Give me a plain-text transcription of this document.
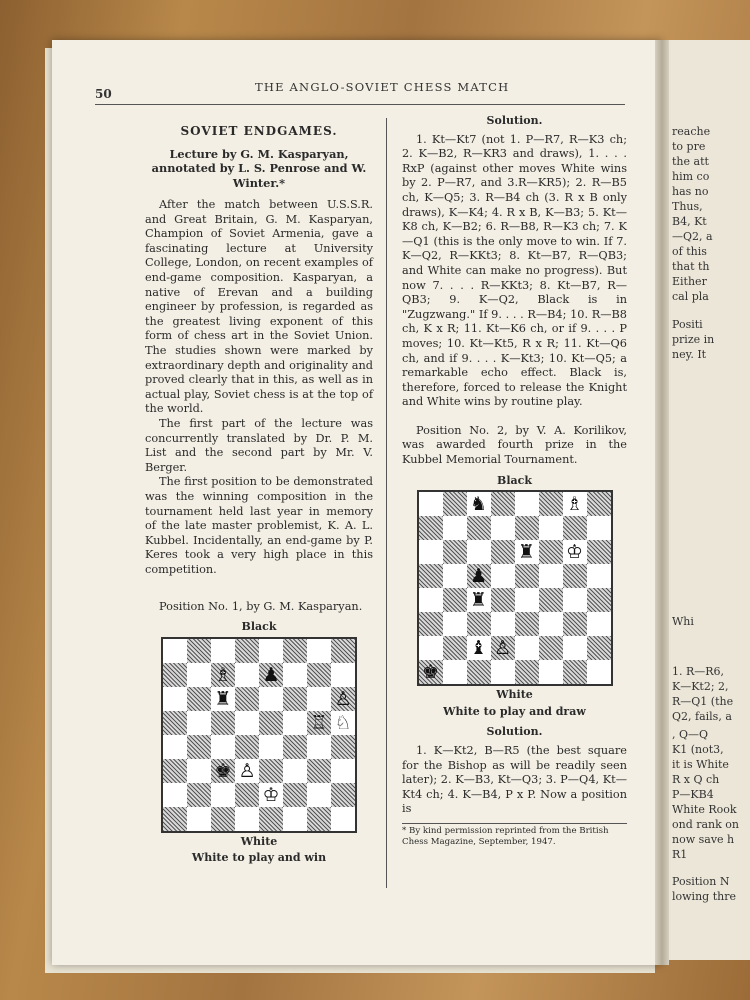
50	THE ANGLO-SOVIET CHESS MATCH
SOVIET ENDGAMES.
Lecture by G. M. Kasparyan, annotated by L. S. Penrose and W. Winter.*

After the match between U.S.S.R. and Great Britain, G. M. Kasparyan, Champion of Soviet Armenia, gave a fascinating lecture at University College, London, on recent examples of end-game composition. Kasparyan, a native of Erevan and a building engineer by profession, is regarded as the greatest living exponent of this form of chess art in the Soviet Union. The studies shown were marked by extraordinary depth and originality and proved clearly that in this, as well as in actual play, Soviet chess is at the top of the world.

The first part of the lecture was concurrently translated by Dr. P. M. List and the second part by Mr. V. Berger.

The first position to be demonstrated was the winning composition in the tournament held last year in memory of the late master problemist, K. A. L. Kubbel. Incidentally, an end-game by P. Keres took a very high place in this competition.

Position No. 1, by G. M. Kasparyan.

Black
♗ ♟
♜	♙
♖ ♘
♚ ♙
♔
White
White to play and win
Solution.

1. Kt—Kt7 (not 1. P—R7, R—K3 ch; 2. K—B2, R—KR3 and draws), 1. . . . RxP (against other moves White wins by 2. P—R7, and 3.R—KR5); 2. R—B5 ch, K—Q5; 3. R—B4 ch (3. R x B only draws), K—K4; 4. R x B, K—B3; 5. Kt—K8 ch, K—B2; 6. R—B8, R—K3 ch; 7. K—Q1 (this is the only move to win. If 7. K—Q2, R—KKt3; 8. Kt—B7, R—QB3; and White can make no progress). But now 7. . . . R—KKt3; 8. Kt—B7, R—QB3; 9. K—Q2, Black is in "Zugzwang." If 9. . . . R—B4; 10. R—B8 ch, K x R; 11. Kt—K6 ch, or if 9. . . . P moves; 10. Kt—Kt5, R x R; 11. Kt—Q6 ch, and if 9. . . . K—Kt3; 10. Kt—Q5; a remarkable echo effect. Black is, therefore, forced to release the Knight and White wins by routine play.

Position No. 2, by V. A. Korilikov, was awarded fourth prize in the Kubbel Memorial Tournament.

Black
♞	♗
♜ ♔
♟
♜
♝ ♙
♚
White
White to play and draw
Solution.

1. K—Kt2, B—R5 (the best square for the Bishop as will be readily seen later); 2. K—B3, Kt—Q3; 3. P—Q4, Kt—Kt4 ch; 4. K—B4, P x P. Now a position is

* By kind permission reprinted from the British Chess Magazine, September, 1947.
reache
to pre
the att
him co
has no
Thus,
B4, Kt
—Q2, a
of this
that th
Either
cal pla
Positi
prize in
ney. It
Whi
1. R—R6,
K—Kt2; 2,
R—Q1 (the
Q2, fails, a
, Q—Q
K1 (not3,
it is White
R x Q ch
P—KB4
White Rook
ond rank on
now save h
R1
Position N
lowing thre
